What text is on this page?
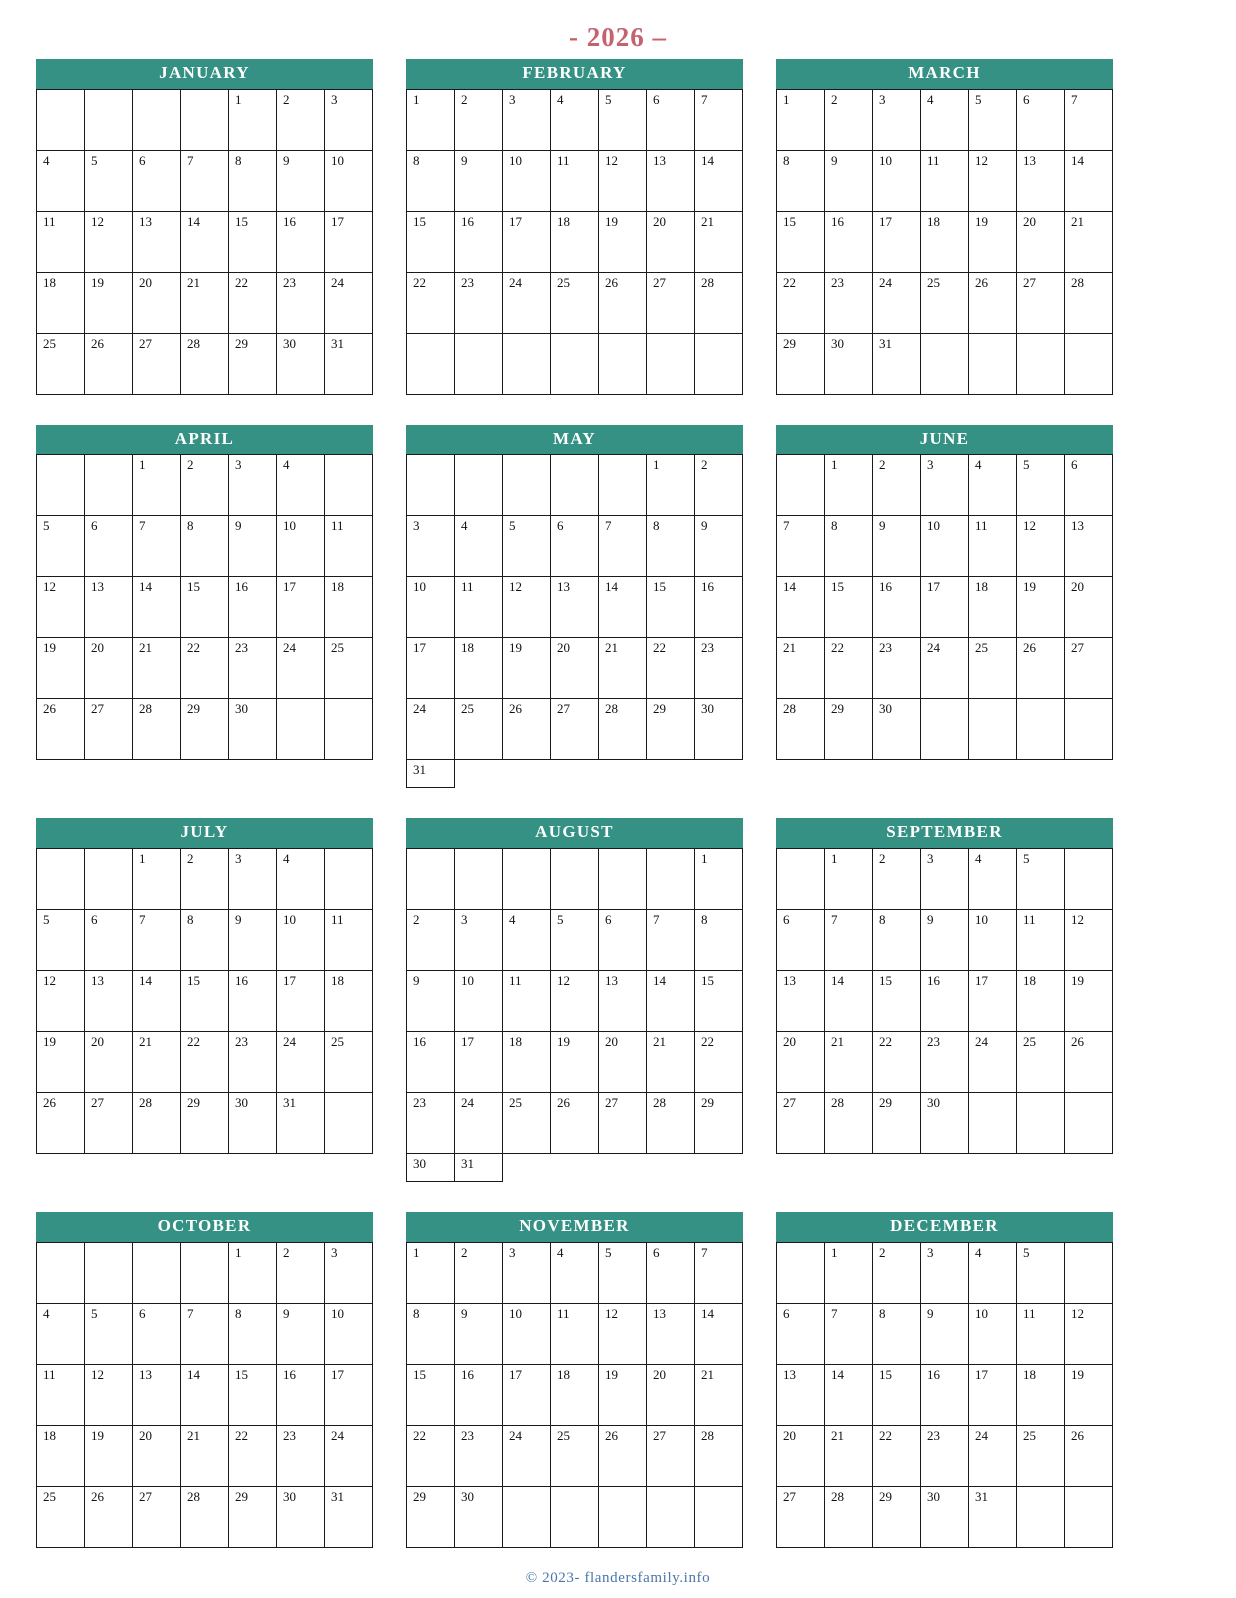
- 2026 –
JANUARY
				1	2	3
4	5	6	7	8	9	10
11	12	13	14	15	16	17
18	19	20	21	22	23	24
25	26	27	28	29	30	31
FEBRUARY
1	2	3	4	5	6	7
8	9	10	11	12	13	14
15	16	17	18	19	20	21
22	23	24	25	26	27	28

MARCH
1	2	3	4	5	6	7
8	9	10	11	12	13	14
15	16	17	18	19	20	21
22	23	24	25	26	27	28
29	30	31				
APRIL
		1	2	3	4	
5	6	7	8	9	10	11
12	13	14	15	16	17	18
19	20	21	22	23	24	25
26	27	28	29	30		
MAY
					1	2
3	4	5	6	7	8	9
10	11	12	13	14	15	16
17	18	19	20	21	22	23
24	25	26	27	28	29	30
31						
JUNE
	1	2	3	4	5	6
7	8	9	10	11	12	13
14	15	16	17	18	19	20
21	22	23	24	25	26	27
28	29	30				
JULY
		1	2	3	4	
5	6	7	8	9	10	11
12	13	14	15	16	17	18
19	20	21	22	23	24	25
26	27	28	29	30	31	
AUGUST
						1
2	3	4	5	6	7	8
9	10	11	12	13	14	15
16	17	18	19	20	21	22
23	24	25	26	27	28	29
30	31					
SEPTEMBER
	1	2	3	4	5	
6	7	8	9	10	11	12
13	14	15	16	17	18	19
20	21	22	23	24	25	26
27	28	29	30			
OCTOBER
				1	2	3
4	5	6	7	8	9	10
11	12	13	14	15	16	17
18	19	20	21	22	23	24
25	26	27	28	29	30	31
NOVEMBER
1	2	3	4	5	6	7
8	9	10	11	12	13	14
15	16	17	18	19	20	21
22	23	24	25	26	27	28
29	30					
DECEMBER
	1	2	3	4	5	
6	7	8	9	10	11	12
13	14	15	16	17	18	19
20	21	22	23	24	25	26
27	28	29	30	31		
© 2023- flandersfamily.info
